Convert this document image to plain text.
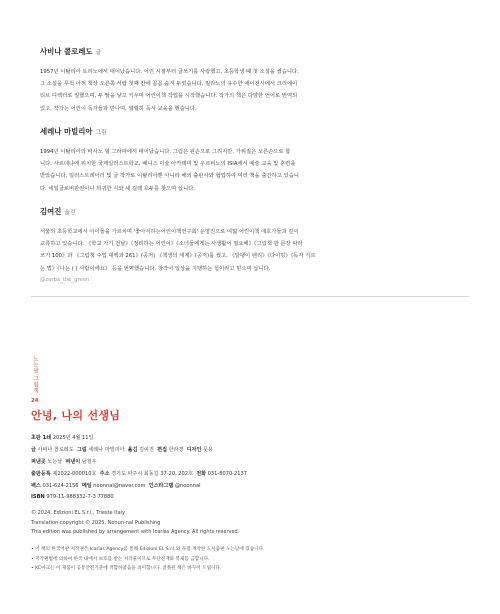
사비나 콜로레도 글
1957년 이탈리아 토리노에서 태어났습니다. 어린 시절부터 글쓰기를 사랑했고, 초등학생 때 첫 소설을 썼습니다.
그 소설을 무척 아껴 책상 오른쪽 서랍 첫째 칸에 꼼꼼 숨겨 두었습니다. 밀라노의 유수한 에이전시에서 크리에이
티브 디렉터로 일했으며, 두 딸을 낳고 키우며 어린이책 작업을 시작했습니다. 작가의 책은 다양한 언어로 번역되
었고, 작가는 어린이 독자들과 만나며, 열렬히 독서 교육을 했습니다.
세레나 마빌리아 그림
1994년 이탈리아의 바사노 델 그라파에서 태어났습니다. 그림은 왼손으로 그리지만, 가위질은 오른손으로 합
니다. 사르데냐에 위치한 국제일러스트학교, 베니스 미술 아카데미 및 우르비노의 ISIA에서 예술 교육 및 훈련을
받았습니다. 일러스트레이터 및 글 작가로 이탈리아뿐 아니라 해외 출판사와 협업하여 여러 책을 출간하고 있습니
다. 네일클로버판권이니 희귀한 시와 세 길래 호두를 찾으며 삽니다.
김여진 옮김
서울의 초등학교에서 아이들을 가르치며 '좋아서하는어린이책연구회' 운영진으로 여덟 어린이책 애호가들과 깊이
교류하고 있습니다. 《학교 가기 전날》《정리하는 어린이》《소녀들에게는 사생활이 필요해》《그림책 한 문장 따라
쓰기 100》과 《그림책 수업 대백과 261》(공저) 《책생의 세계》(공저)를 썼고, 《달팽이 펜리》《다이빙》《독자 기르
는 법》《나는 ( ) 사람이에요》 등을 번역했습니다. 창작이 일상을 지탱하는 힘이라고 믿으며 삽니다.
@zorba_the_green
노는날 그림책
24
안녕, 나의 선생님
초판 1쇄 2025년 4월 11일
글 사비나 콜로레도 그림 세레나 마빌리아 옮김 김여진 편집 한라경 디자인 풋용
펴낸곳 노는날 펴낸이 남철우
출판등록 제2022-000010호 주소 경기도 파주시 회동길 37-20, 202호 전화 031-8070-2137
팩스 031-624-2156 메일 noonnal@naver.com 인스타그램 @noonnal
ISBN 979-11-988332-7-3 77880
© 2024, Edizioni EL S.r.l., Trieste Italy
Translation copyright © 2025, Nonun-nal Publishing
This edition was published by arrangement with Icarias Agency. All rights reserved.
• 이 책의 한국어판 저작권은 Icarias Agency를 통해 Edizioni EL S.r.l.와 독점 계약한 도서출판 노는날에 있습니다.
• 저작권법에 의하여 한국 내에서 보호를 받는 저작물이므로 무단전재와 복제를 금합니다.
• KC마크는 이 제품이 공통안전기준에 적합하였음을 의미합니다. 잘못된 책은 바꾸어 드립니다.
